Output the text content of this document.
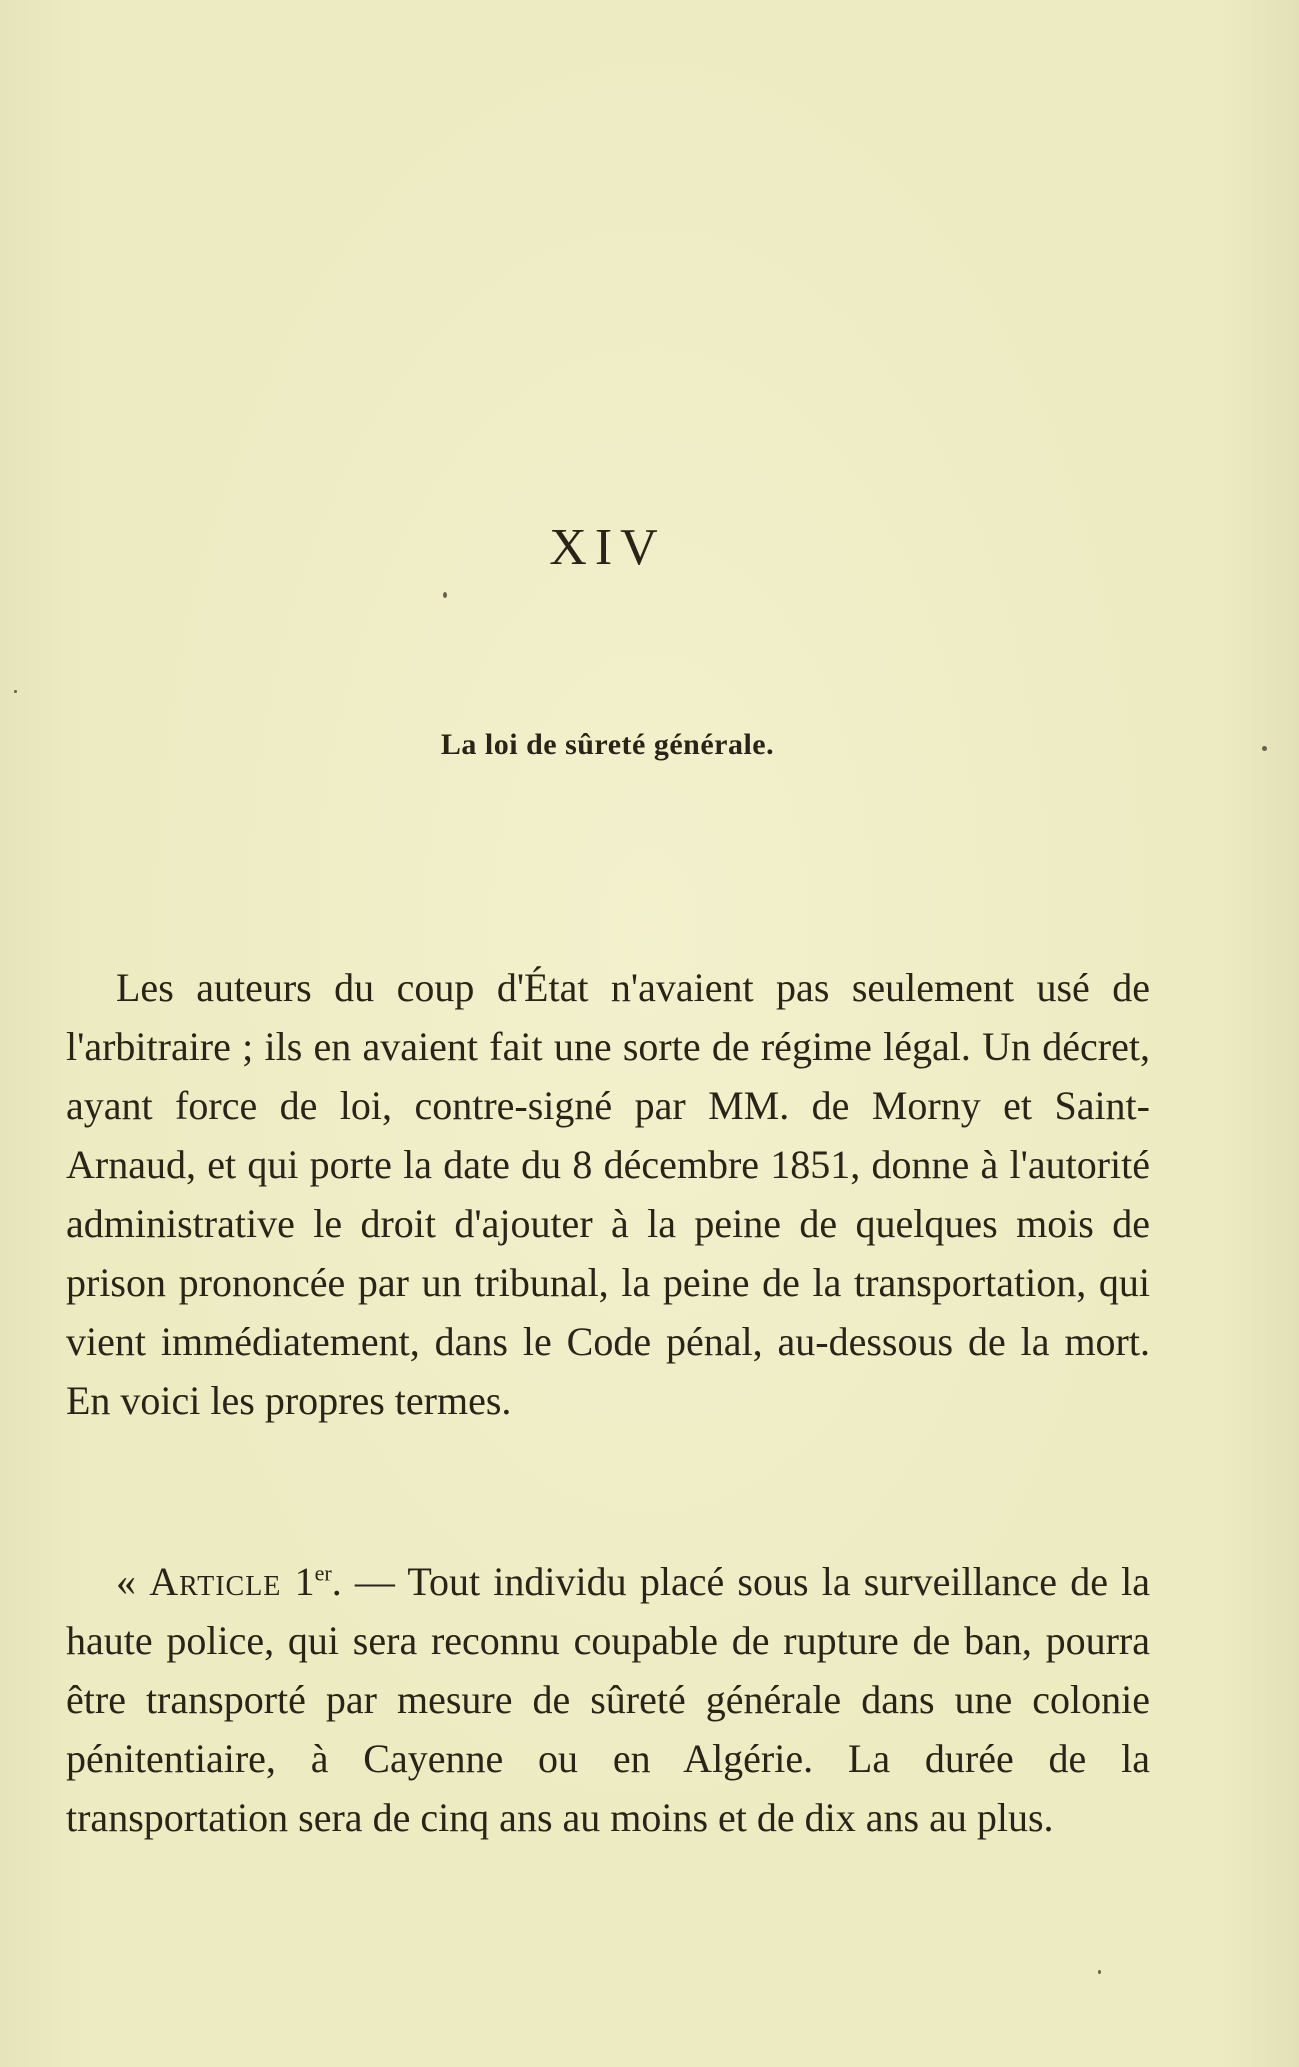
XIV
La loi de sûreté générale.

Les auteurs du coup d'État n'avaient pas seulement usé de l'arbitraire ; ils en avaient fait une sorte de régime légal. Un décret, ayant force de loi, contre-signé par MM. de Morny et Saint-Arnaud, et qui porte la date du 8 décembre 1851, donne à l'autorité administrative le droit d'ajouter à la peine de quelques mois de prison prononcée par un tribunal, la peine de la transportation, qui vient immédiatement, dans le Code pénal, au-dessous de la mort. En voici les propres termes.

« Article 1er. — Tout individu placé sous la surveillance de la haute police, qui sera reconnu coupable de rupture de ban, pourra être transporté par mesure de sûreté générale dans une colonie pénitentiaire, à Cayenne ou en Algérie. La durée de la transportation sera de cinq ans au moins et de dix ans au plus.
